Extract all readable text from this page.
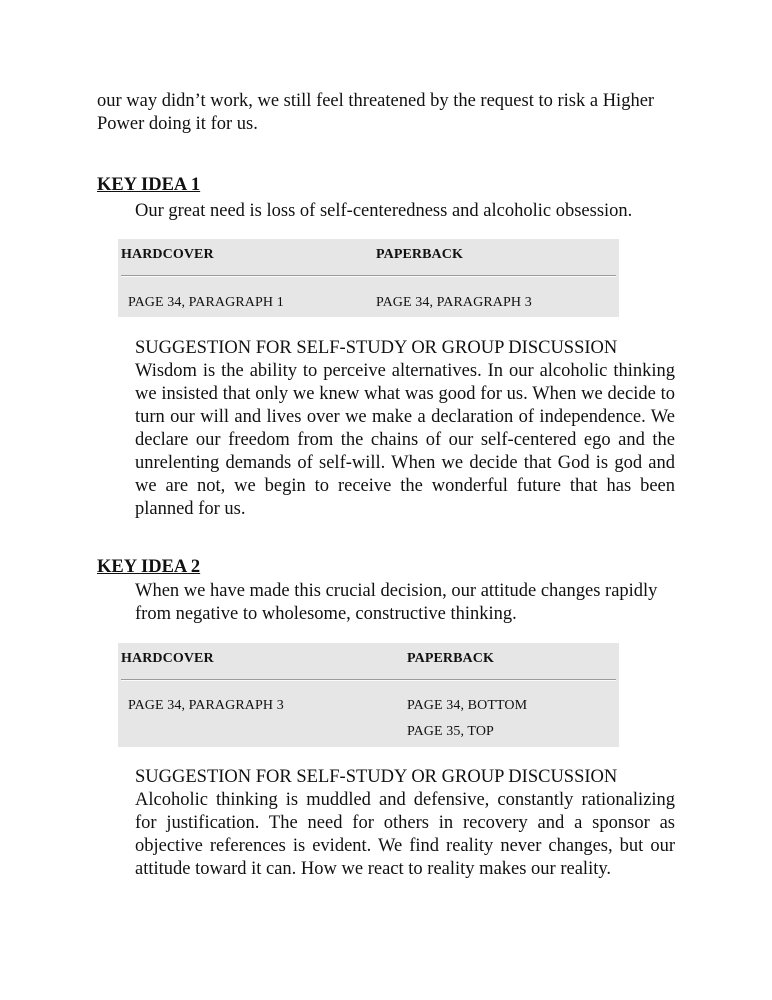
our way didn’t work, we still feel threatened by the request to risk a Higher
Power doing it for us.
KEY IDEA 1
Our great need is loss of self-centeredness and alcoholic obsession.
HARDCOVER	PAPERBACK
PAGE 34, PARAGRAPH 1	PAGE 34, PARAGRAPH 3
SUGGESTION FOR SELF-STUDY OR GROUP DISCUSSION
Wisdom is the ability to perceive alternatives. In our alcoholic thinking we insisted that only we knew what was good for us. When we decide to turn our will and lives over we make a declaration of independence. We declare our freedom from the chains of our self-centered ego and the unrelenting demands of self-will. When we decide that God is god and we are not, we begin to receive the wonderful future that has been planned for us.
KEY IDEA 2
When we have made this crucial decision, our attitude changes rapidly from negative to wholesome, constructive thinking.
HARDCOVER	PAPERBACK
PAGE 34, PARAGRAPH 3	PAGE 34, BOTTOM
PAGE 35, TOP
SUGGESTION FOR SELF-STUDY OR GROUP DISCUSSION
Alcoholic thinking is muddled and defensive, constantly rationalizing for justification. The need for others in recovery and a sponsor as objective references is evident. We find reality never changes, but our attitude toward it can. How we react to reality makes our reality.
